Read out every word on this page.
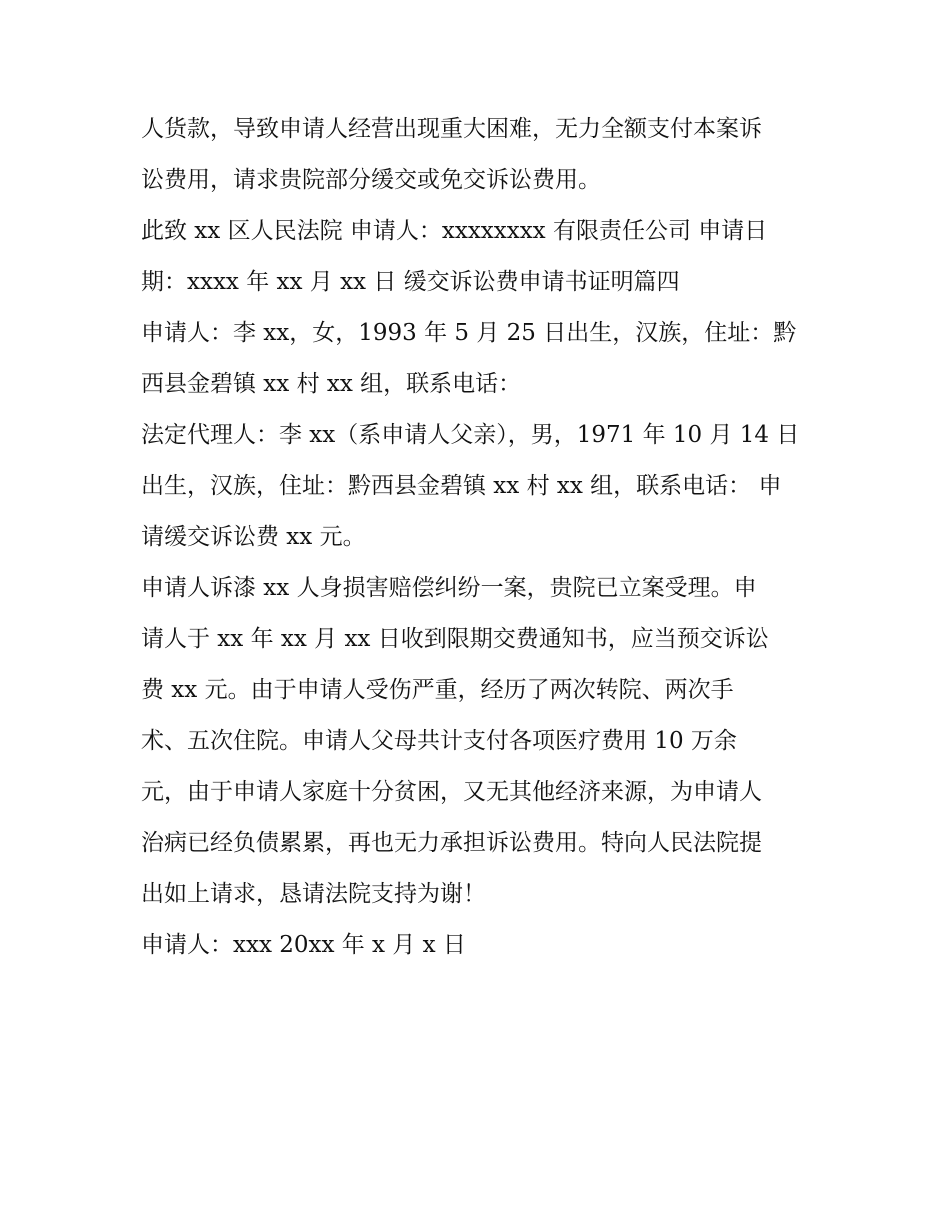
人货款，导致申请人经营出现重大困难，无力全额支付本案诉
讼费用，请求贵院部分缓交或免交诉讼费用。
此致 xx 区人民法院 申请人：xxxxxxxx 有限责任公司 申请日
期：xxxx 年 xx 月 xx 日 缓交诉讼费申请书证明篇四
申请人：李 xx，女，1993 年 5 月 25 日出生，汉族，住址：黔
西县金碧镇 xx 村 xx 组，联系电话：
法定代理人：李 xx（系申请人父亲），男，1971 年 10 月 14 日
出生，汉族，住址：黔西县金碧镇 xx 村 xx 组，联系电话： 申
请缓交诉讼费 xx 元。
申请人诉漆 xx 人身损害赔偿纠纷一案，贵院已立案受理。申
请人于 xx 年 xx 月 xx 日收到限期交费通知书，应当预交诉讼
费 xx 元。由于申请人受伤严重，经历了两次转院、两次手
术、五次住院。申请人父母共计支付各项医疗费用 10 万余
元，由于申请人家庭十分贫困，又无其他经济来源，为申请人
治病已经负债累累，再也无力承担诉讼费用。特向人民法院提
出如上请求，恳请法院支持为谢！
申请人：xxx 20xx 年 x 月 x 日
